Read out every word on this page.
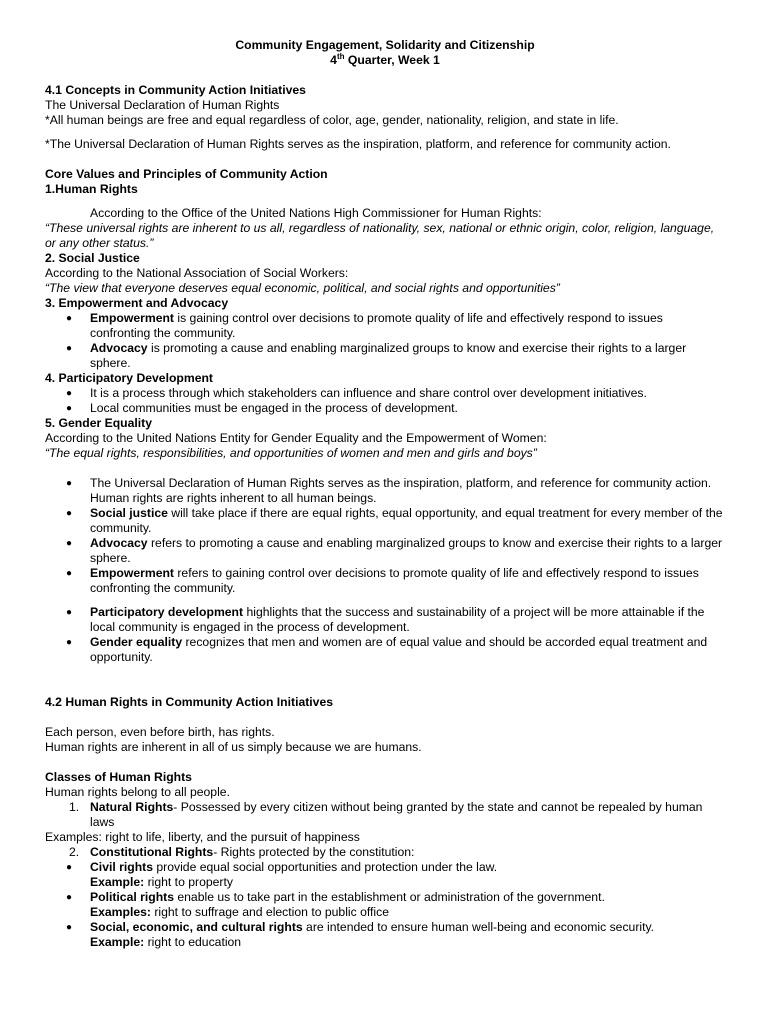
Community Engagement, Solidarity and Citizenship

4th Quarter, Week 1

4.1 Concepts in Community Action Initiatives

The Universal Declaration of Human Rights

*All human beings are free and equal regardless of color, age, gender, nationality, religion, and state in life.

*The Universal Declaration of Human Rights serves as the inspiration, platform, and reference for community action.

Core Values and Principles of Community Action

1.Human Rights

According to the Office of the United Nations High Commissioner for Human Rights:

“These universal rights are inherent to us all, regardless of nationality, sex, national or ethnic origin, color, religion, language, or any other status.”

2. Social Justice

According to the National Association of Social Workers:

“The view that everyone deserves equal economic, political, and social rights and opportunities”

3. Empowerment and Advocacy

● Empowerment is gaining control over decisions to promote quality of life and effectively respond to issues confronting the community.
● Advocacy is promoting a cause and enabling marginalized groups to know and exercise their rights to a larger sphere.

4. Participatory Development

● It is a process through which stakeholders can influence and share control over development initiatives.
● Local communities must be engaged in the process of development.

5. Gender Equality

According to the United Nations Entity for Gender Equality and the Empowerment of Women:

“The equal rights, responsibilities, and opportunities of women and men and girls and boys”

● The Universal Declaration of Human Rights serves as the inspiration, platform, and reference for community action. Human rights are rights inherent to all human beings.
● Social justice will take place if there are equal rights, equal opportunity, and equal treatment for every member of the community.
● Advocacy refers to promoting a cause and enabling marginalized groups to know and exercise their rights to a larger sphere.
● Empowerment refers to gaining control over decisions to promote quality of life and effectively respond to issues confronting the community.
● Participatory development highlights that the success and sustainability of a project will be more attainable if the local community is engaged in the process of development.
● Gender equality recognizes that men and women are of equal value and should be accorded equal treatment and opportunity.

4.2 Human Rights in Community Action Initiatives

Each person, even before birth, has rights.

Human rights are inherent in all of us simply because we are humans.

Classes of Human Rights

Human rights belong to all people.

1. Natural Rights- Possessed by every citizen without being granted by the state and cannot be repealed by human laws

Examples: right to life, liberty, and the pursuit of happiness

2. Constitutional Rights- Rights protected by the constitution:
● Civil rights provide equal social opportunities and protection under the law.
Example: right to property
● Political rights enable us to take part in the establishment or administration of the government.
Examples: right to suffrage and election to public office
● Social, economic, and cultural rights are intended to ensure human well-being and economic security.
Example: right to education
